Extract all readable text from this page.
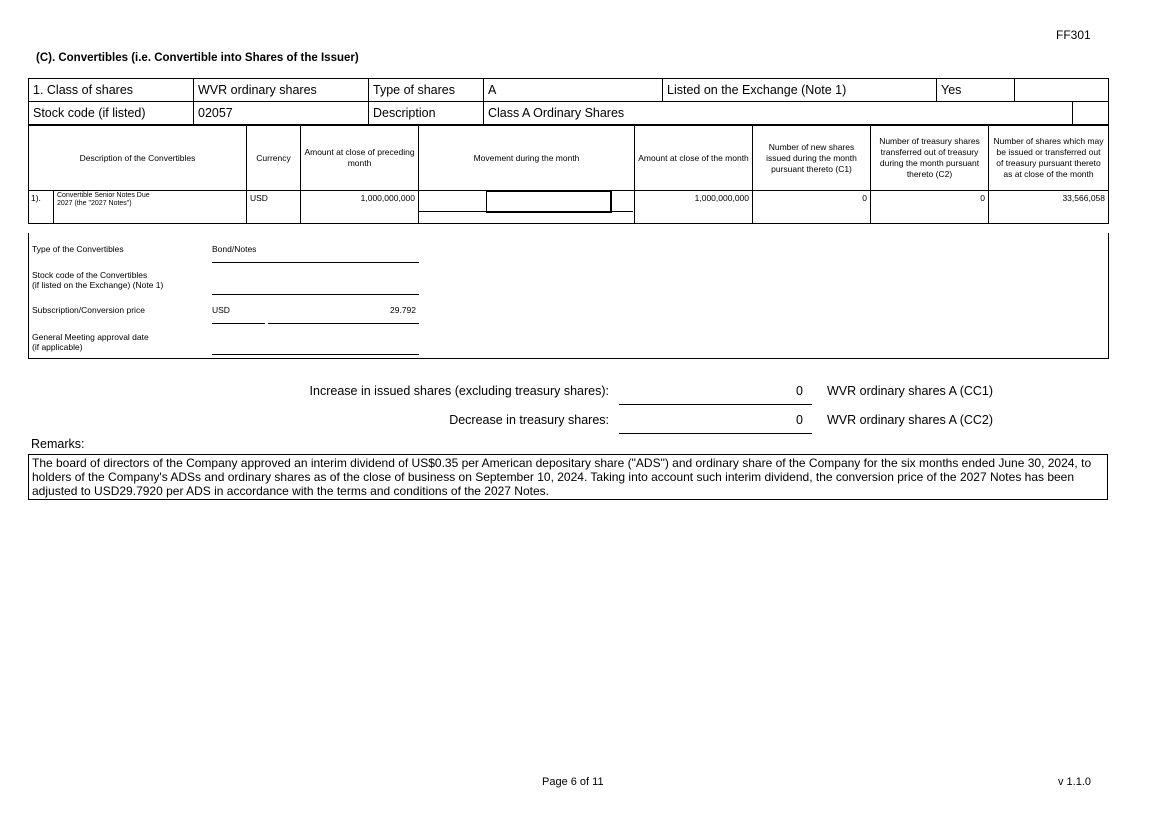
FF301
(C). Convertibles (i.e. Convertible into Shares of the Issuer)
1. Class of shares	WVR ordinary shares	Type of shares	A	Listed on the Exchange (Note 1)	Yes		
Stock code (if listed)	02057	Description	Class A Ordinary Shares				
Description of the Convertibles	Currency	Amount at close of preceding month	Movement during the month	Amount at close of the month	Number of new shares issued during the month pursuant thereto (C1)	Number of treasury shares transferred out of treasury during the month pursuant thereto (C2)	Number of shares which may be issued or transferred out of treasury pursuant thereto as at close of the month

1). Convertible Senior Notes Due 2027 (the "2027 Notes")	USD	1,000,000,000		1,000,000,000	0	0	33,566,058
Type of the Convertibles	Bond/Notes
Stock code of the Convertibles
(if listed on the Exchange) (Note 1)
Subscription/Conversion price	USD	29.792
General Meeting approval date
(if applicable)
Increase in issued shares (excluding treasury shares):	0 WVR ordinary shares A (CC1)
Decrease in treasury shares:	0 WVR ordinary shares A (CC2)
Remarks:
The board of directors of the Company approved an interim dividend of US$0.35 per American depositary share ("ADS") and ordinary share of the Company for the six months ended June 30, 2024, to holders of the Company's ADSs and ordinary shares as of the close of business on September 10, 2024. Taking into account such interim dividend, the conversion price of the 2027 Notes has been adjusted to USD29.7920 per ADS in accordance with the terms and conditions of the 2027 Notes.
Page 6 of 11	v 1.1.0
